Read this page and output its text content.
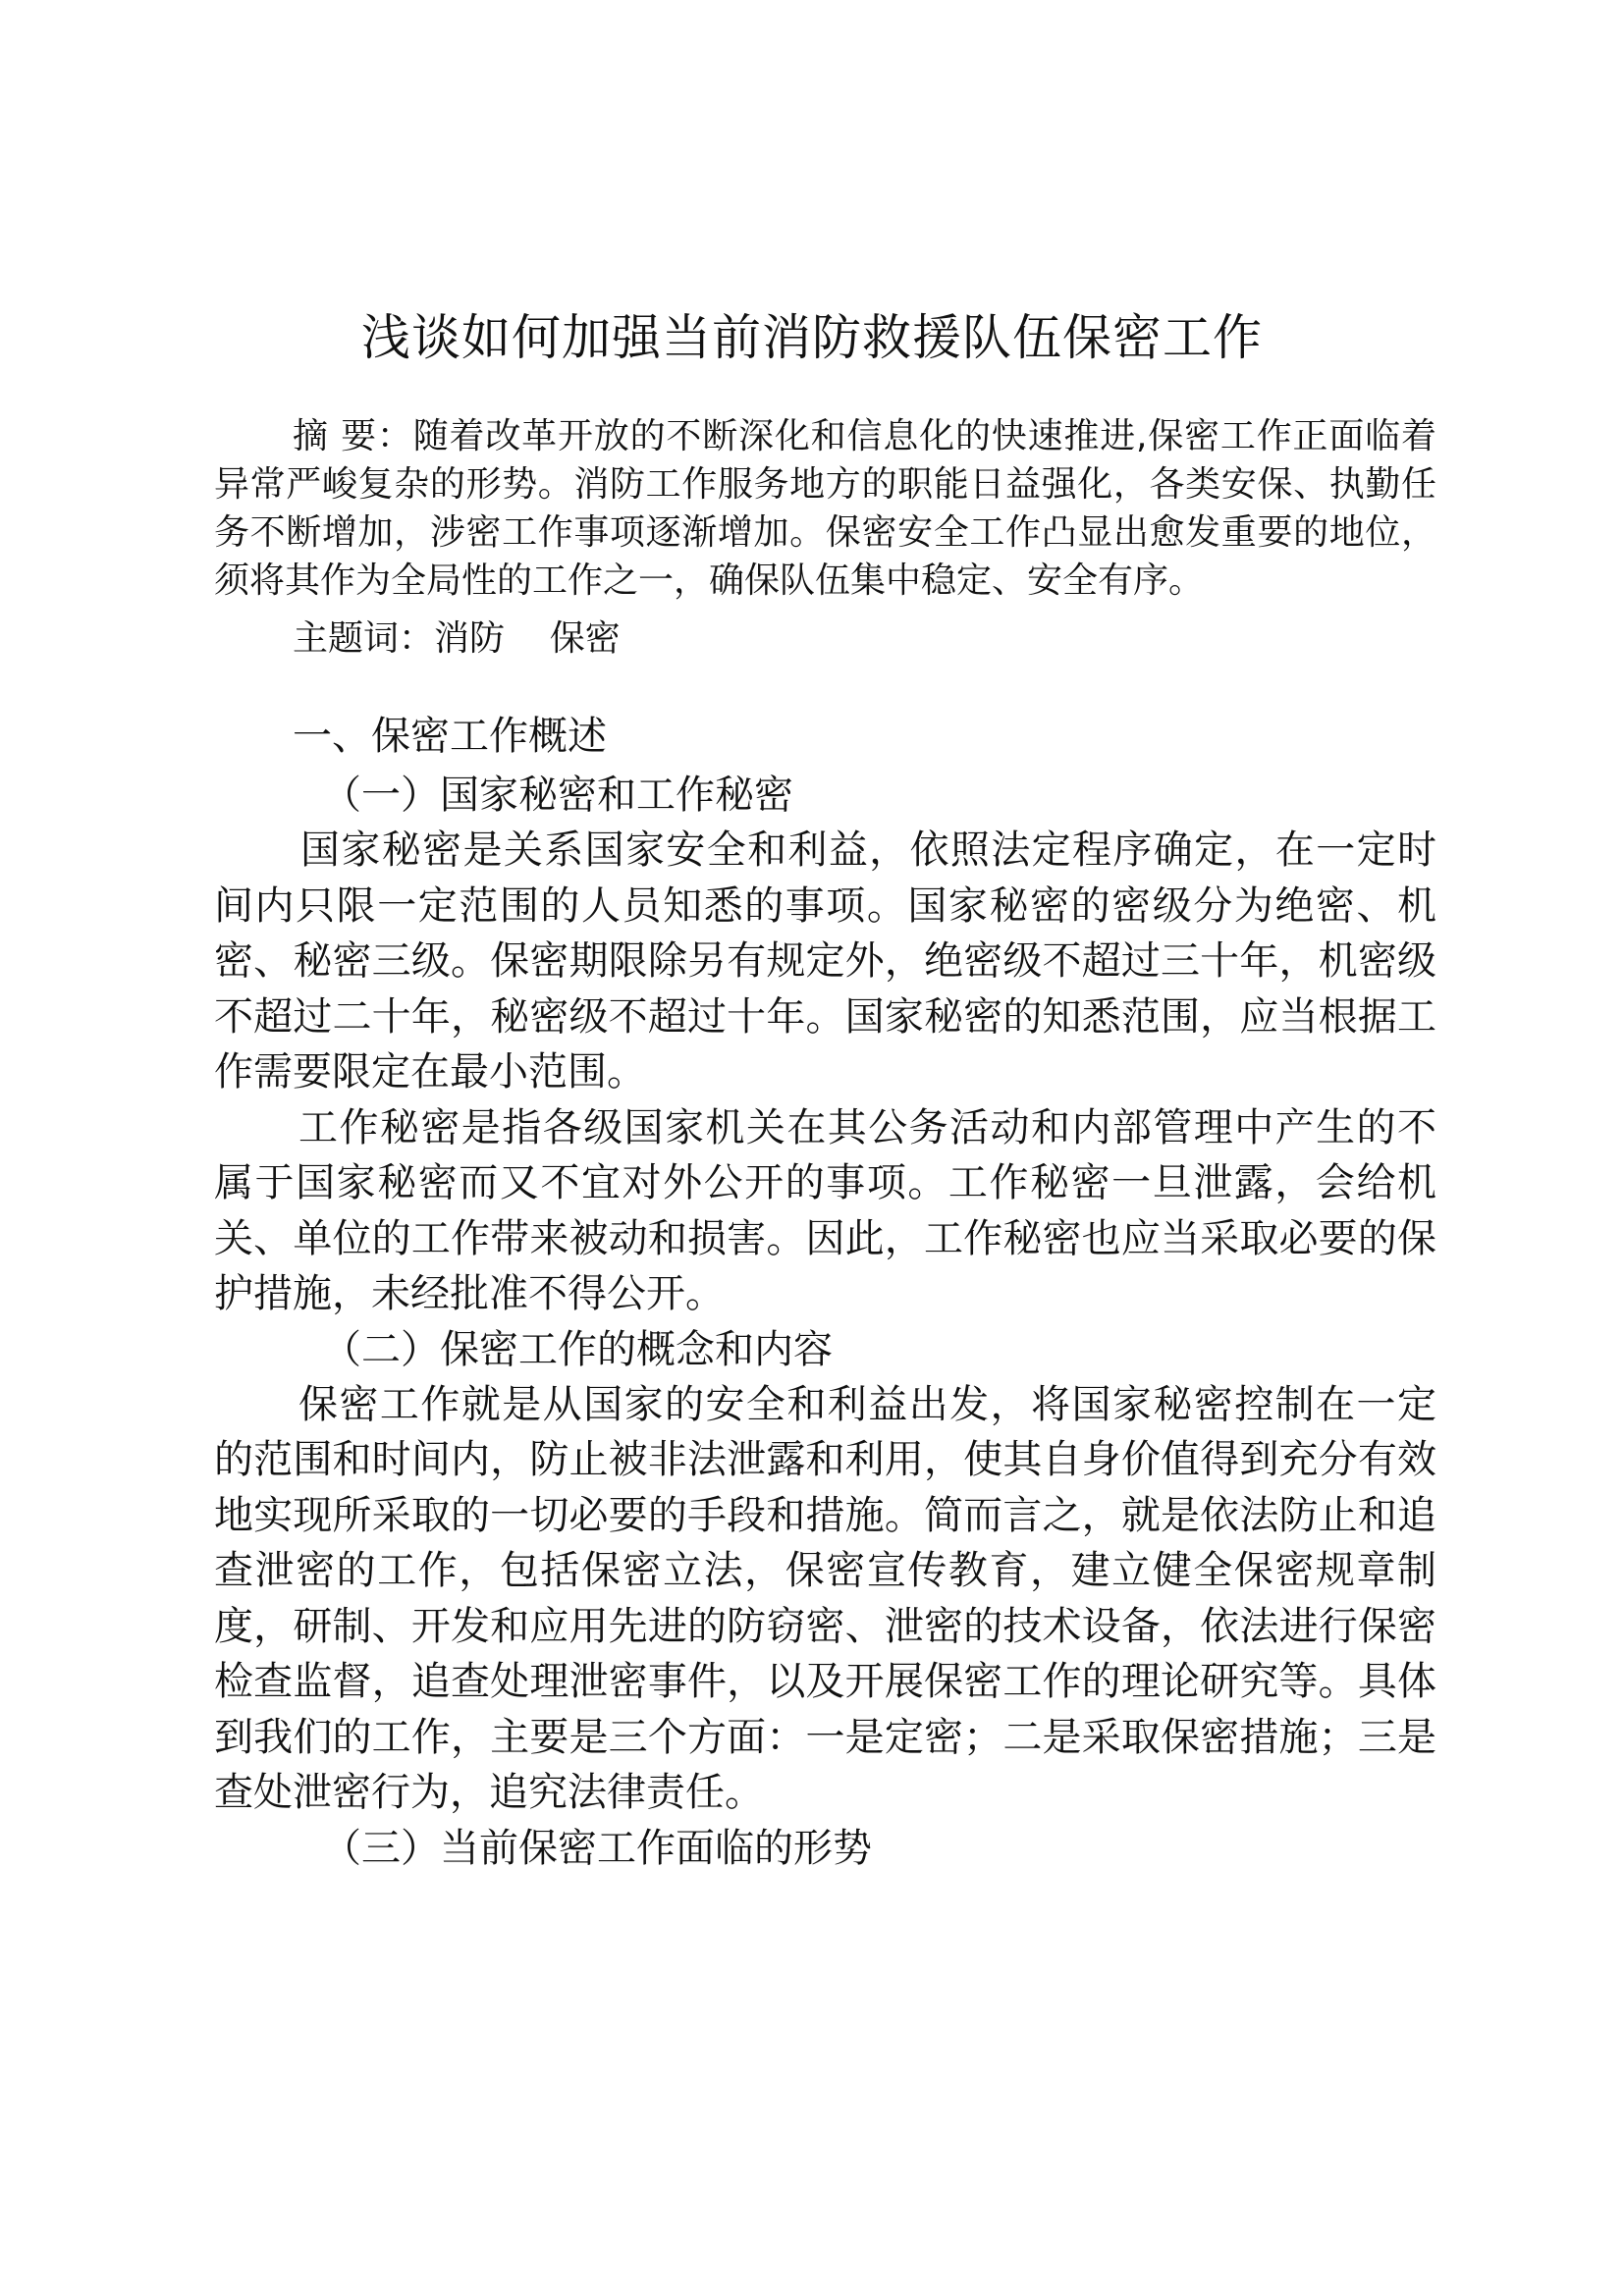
浅谈如何加强当前消防救援队伍保密工作
摘 要：随着改革开放的不断深化和信息化的快速推进,保密工作正面临着异常严峻复杂的形势。消防工作服务地方的职能日益强化，各类安保、执勤任务不断增加，涉密工作事项逐渐增加。保密安全工作凸显出愈发重要的地位，须将其作为全局性的工作之一，确保队伍集中稳定、安全有序。
主题词：消防    保密
一、保密工作概述

（一）国家秘密和工作秘密

国家秘密是关系国家安全和利益，依照法定程序确定，在一定时间内只限一定范围的人员知悉的事项。国家秘密的密级分为绝密、机密、秘密三级。保密期限除另有规定外，绝密级不超过三十年，机密级不超过二十年，秘密级不超过十年。国家秘密的知悉范围，应当根据工作需要限定在最小范围。

工作秘密是指各级国家机关在其公务活动和内部管理中产生的不属于国家秘密而又不宜对外公开的事项。工作秘密一旦泄露，会给机关、单位的工作带来被动和损害。因此，工作秘密也应当采取必要的保护措施，未经批准不得公开。

（二）保密工作的概念和内容

保密工作就是从国家的安全和利益出发，将国家秘密控制在一定的范围和时间内，防止被非法泄露和利用，使其自身价值得到充分有效地实现所采取的一切必要的手段和措施。简而言之，就是依法防止和追查泄密的工作，包括保密立法，保密宣传教育，建立健全保密规章制度，研制、开发和应用先进的防窃密、泄密的技术设备，依法进行保密检查监督，追查处理泄密事件，以及开展保密工作的理论研究等。具体到我们的工作，主要是三个方面：一是定密；二是采取保密措施；三是查处泄密行为，追究法律责任。

（三）当前保密工作面临的形势
